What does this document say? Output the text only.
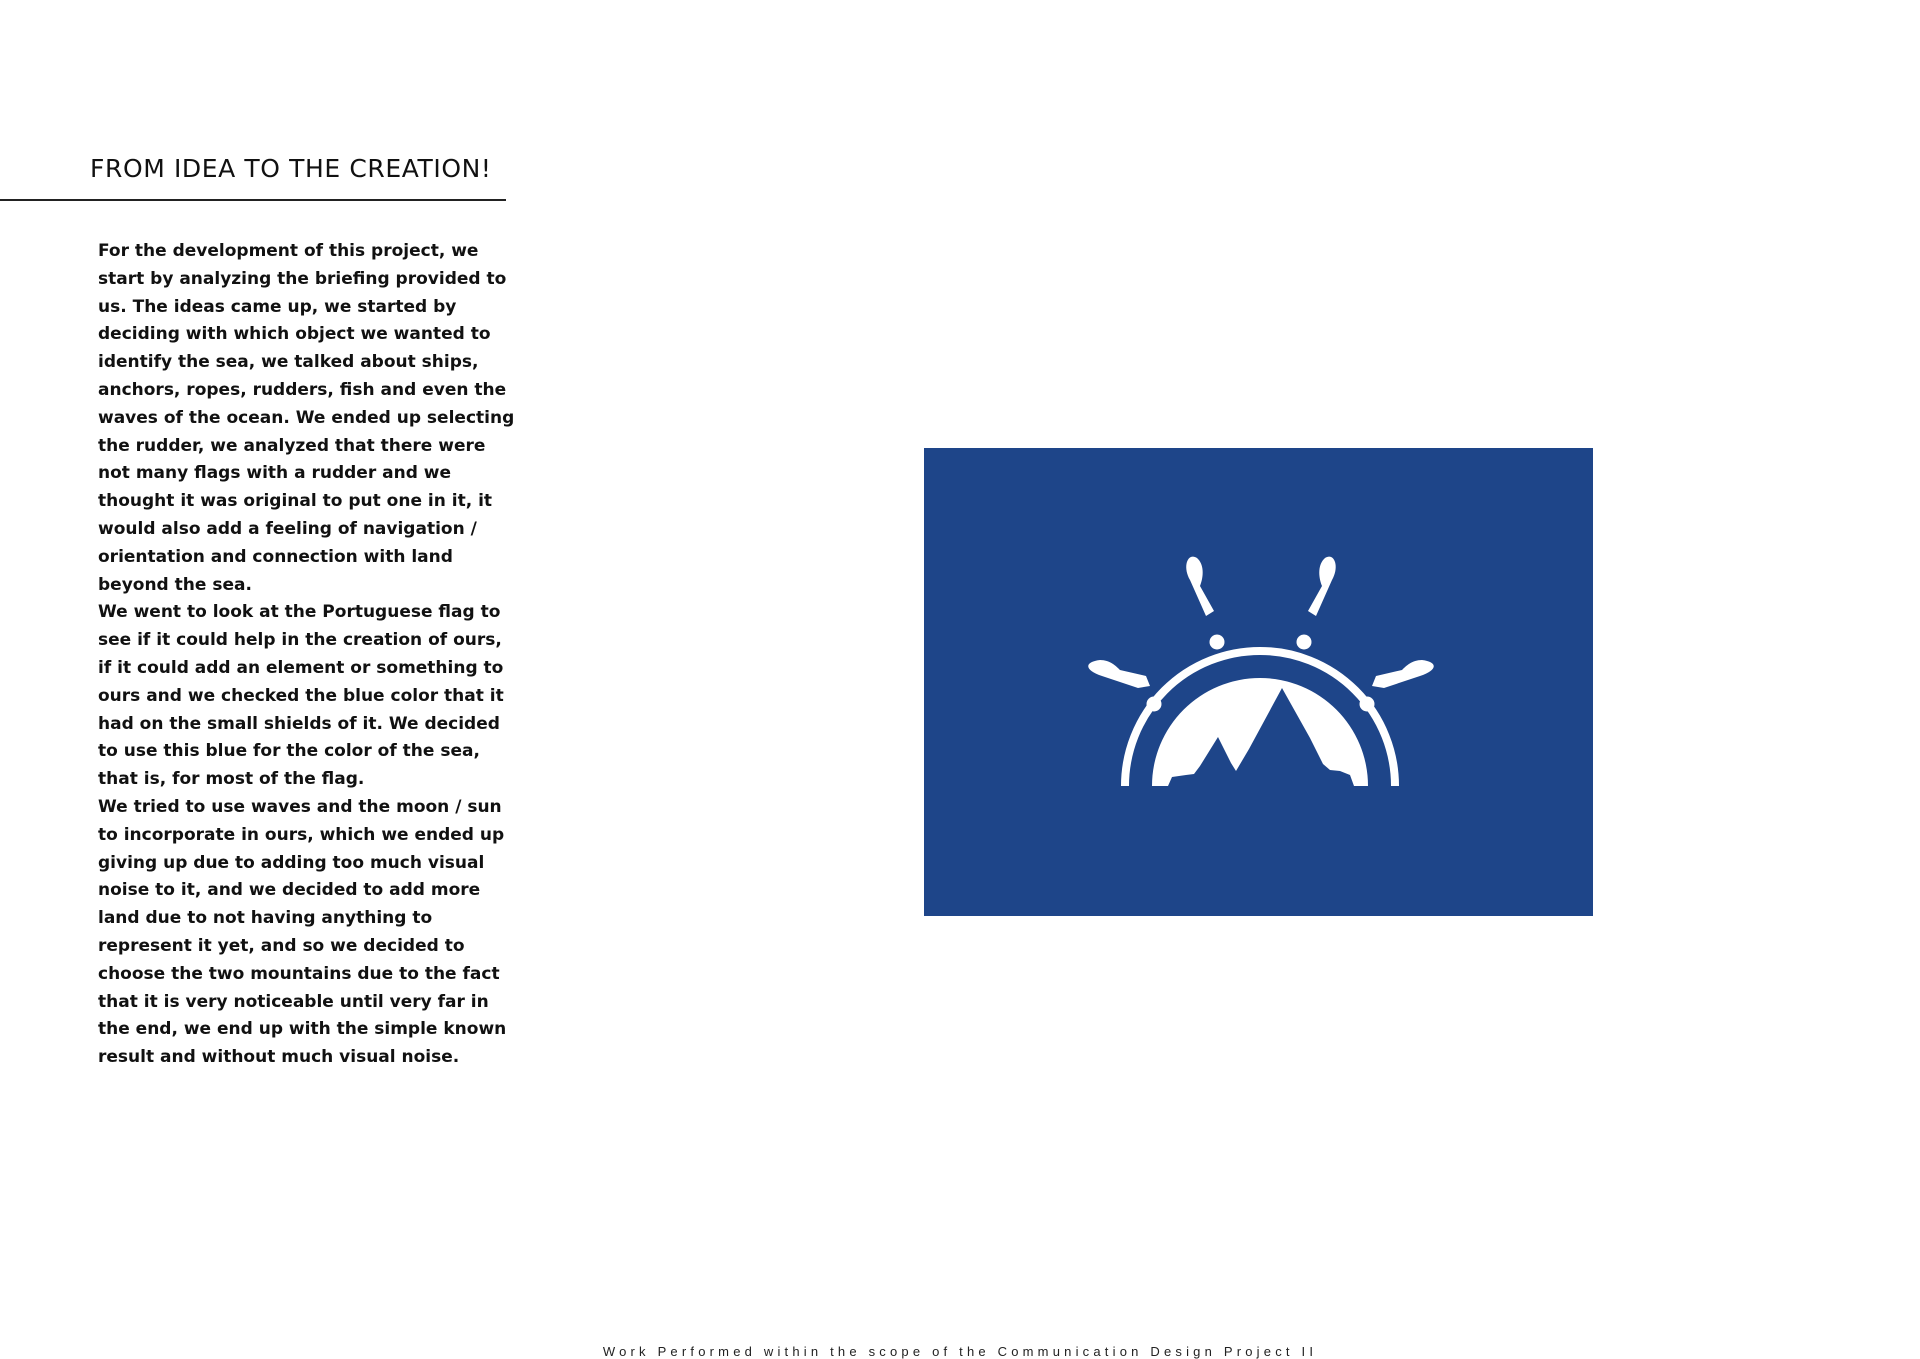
FROM IDEA TO THE CREATION!

For the development of this project, we start by analyzing the briefing provided to us. The ideas came up, we started by deciding with which object we wanted to identify the sea, we talked about ships, anchors, ropes, rudders, fish and even the waves of the ocean. We ended up selecting the rudder, we analyzed that there were not many flags with a rudder and we thought it was original to put one in it, it would also add a feeling of navigation / orientation and connection with land beyond the sea.

We went to look at the Portuguese flag to see if it could help in the creation of ours, if it could add an element or something to ours and we checked the blue color that it had on the small shields of it. We decided to use this blue for the color of the sea, that is, for most of the flag.

We tried to use waves and the moon / sun to incorporate in ours, which we ended up giving up due to adding too much visual noise to it, and we decided to add more land due to not having anything to represent it yet, and so we decided to choose the two mountains due to the fact that it is very noticeable until very far in the end, we end up with the simple known result and without much visual noise.

Work Performed within the scope of the Communication Design Project II
